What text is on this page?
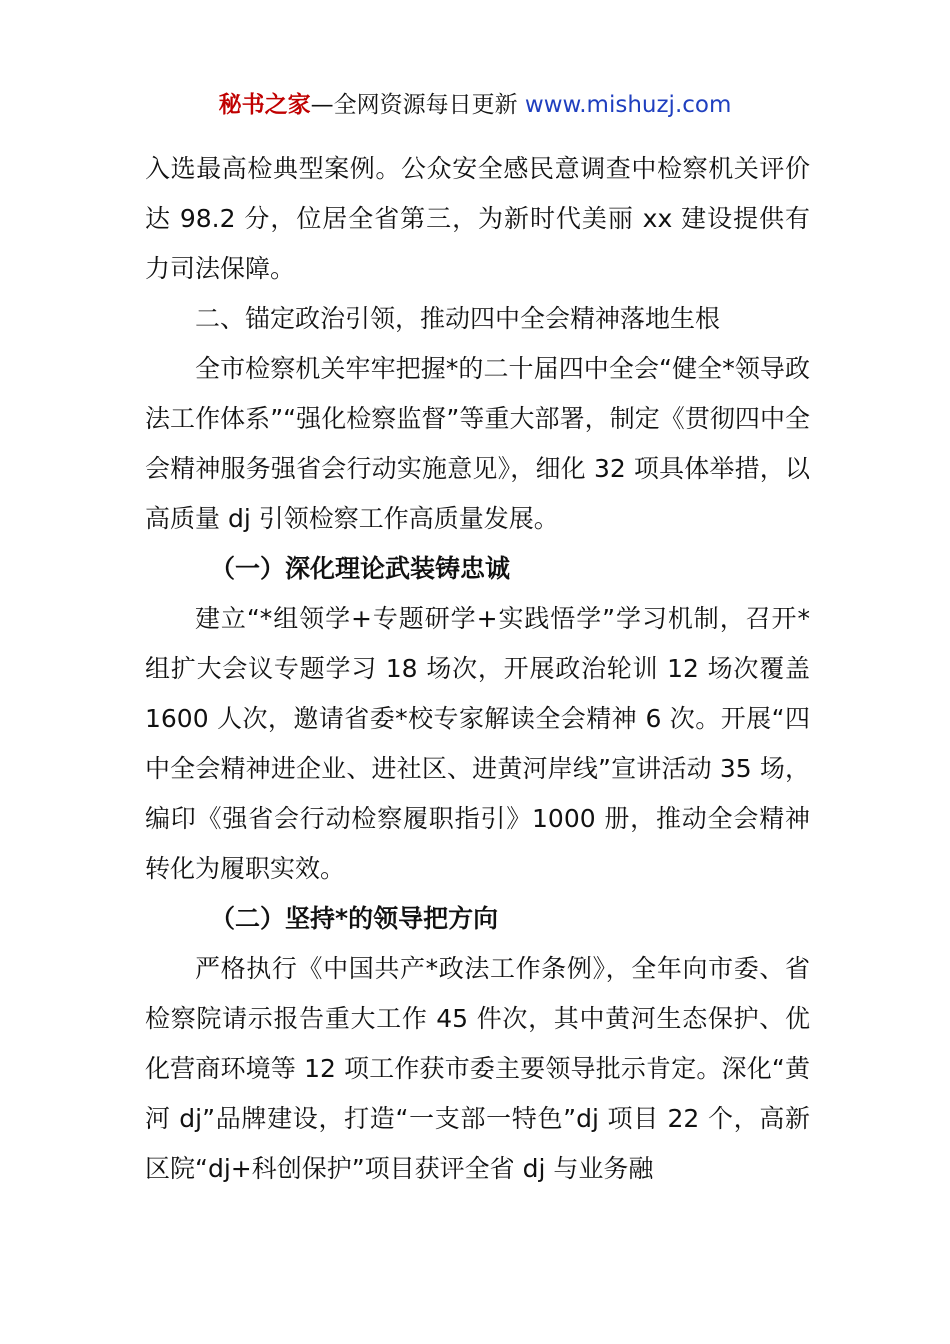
秘书之家—全网资源每日更新 www.mishuzj.com

入选最高检典型案例。公众安全感民意调查中检察机关评价达 98.2 分，位居全省第三，为新时代美丽 xx 建设提供有力司法保障。

二、锚定政治引领，推动四中全会精神落地生根

全市检察机关牢牢把握*的二十届四中全会“健全*领导政法工作体系”“强化检察监督”等重大部署，制定《贯彻四中全会精神服务强省会行动实施意见》，细化 32 项具体举措，以高质量 dj 引领检察工作高质量发展。

（一）深化理论武装铸忠诚

建立“*组领学+专题研学+实践悟学”学习机制，召开*组扩大会议专题学习 18 场次，开展政治轮训 12 场次覆盖 1600 人次，邀请省委*校专家解读全会精神 6 次。开展“四中全会精神进企业、进社区、进黄河岸线”宣讲活动 35 场，编印《强省会行动检察履职指引》1000 册，推动全会精神转化为履职实效。

（二）坚持*的领导把方向

严格执行《中国共产*政法工作条例》，全年向市委、省检察院请示报告重大工作 45 件次，其中黄河生态保护、优化营商环境等 12 项工作获市委主要领导批示肯定。深化“黄河 dj”品牌建设，打造“一支部一特色”dj 项目 22 个，高新区院“dj+科创保护”项目获评全省 dj 与业务融
